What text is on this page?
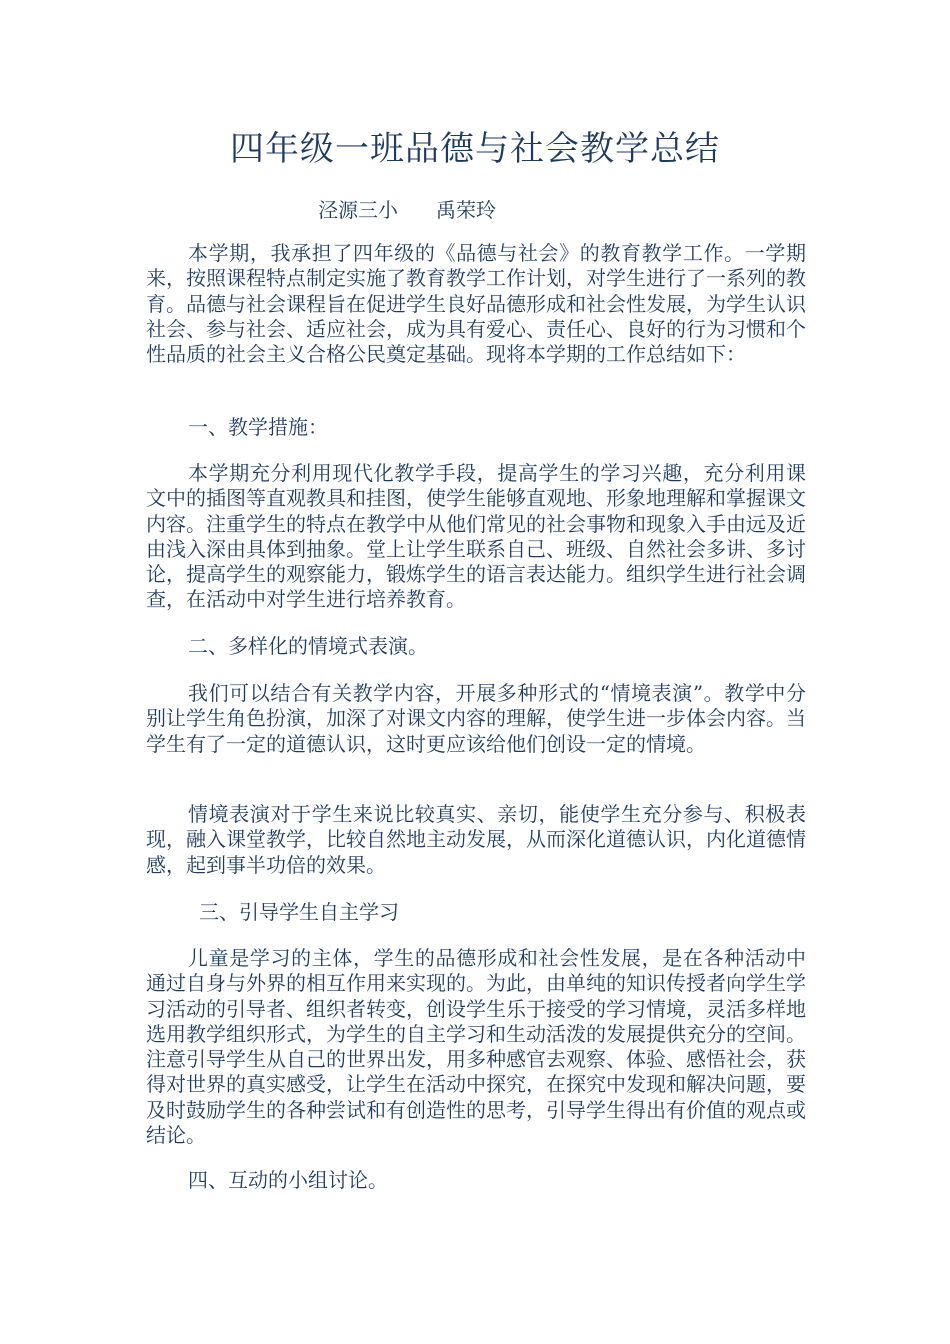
四年级一班品德与社会教学总结
泾源三小 禹荣玲

本学期，我承担了四年级的《品德与社会》的教育教学工作。一学期来，按照课程特点制定实施了教育教学工作计划，对学生进行了一系列的教育。品德与社会课程旨在促进学生良好品德形成和社会性发展，为学生认识社会、参与社会、适应社会，成为具有爱心、责任心、良好的行为习惯和个性品质的社会主义合格公民奠定基础。现将本学期的工作总结如下：

一、教学措施：

本学期充分利用现代化教学手段，提高学生的学习兴趣，充分利用课文中的插图等直观教具和挂图，使学生能够直观地、形象地理解和掌握课文内容。注重学生的特点在教学中从他们常见的社会事物和现象入手由远及近由浅入深由具体到抽象。堂上让学生联系自己、班级、自然社会多讲、多讨论，提高学生的观察能力，锻炼学生的语言表达能力。组织学生进行社会调查，在活动中对学生进行培养教育。

二、多样化的情境式表演。

我们可以结合有关教学内容，开展多种形式的“情境表演”。教学中分别让学生角色扮演，加深了对课文内容的理解，使学生进一步体会内容。当学生有了一定的道德认识，这时更应该给他们创设一定的情境。

情境表演对于学生来说比较真实、亲切，能使学生充分参与、积极表现，融入课堂教学，比较自然地主动发展，从而深化道德认识，内化道德情感，起到事半功倍的效果。

三、引导学生自主学习

儿童是学习的主体，学生的品德形成和社会性发展，是在各种活动中通过自身与外界的相互作用来实现的。为此，由单纯的知识传授者向学生学习活动的引导者、组织者转变，创设学生乐于接受的学习情境，灵活多样地选用教学组织形式，为学生的自主学习和生动活泼的发展提供充分的空间。注意引导学生从自己的世界出发，用多种感官去观察、体验、感悟社会，获得对世界的真实感受，让学生在活动中探究，在探究中发现和解决问题，要及时鼓励学生的各种尝试和有创造性的思考，引导学生得出有价值的观点或结论。

四、互动的小组讨论。
